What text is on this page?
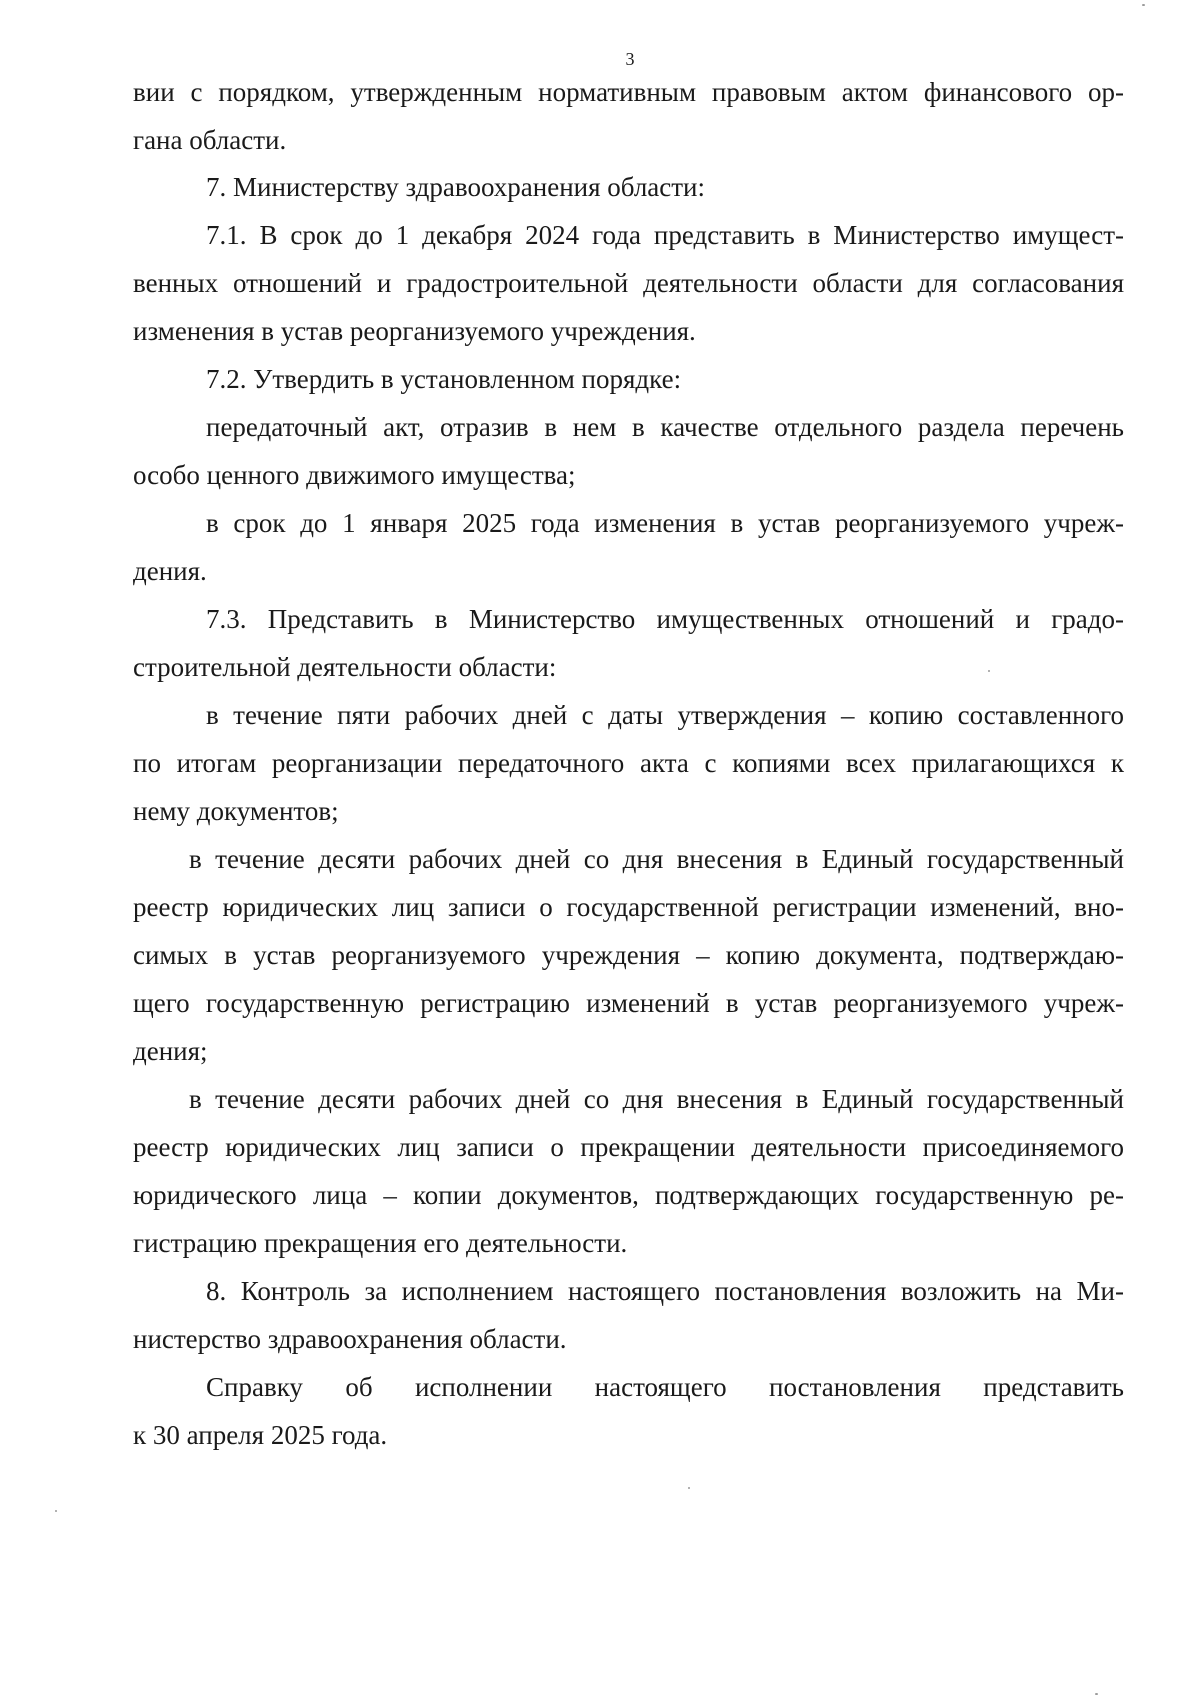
3
вии с порядком, утвержденным нормативным правовым актом финансового ор-
гана области.
7. Министерству здравоохранения области:
7.1. В срок до 1 декабря 2024 года представить в Министерство имущест-
венных отношений и градостроительной деятельности области для согласования
изменения в устав реорганизуемого учреждения.
7.2. Утвердить в установленном порядке:
передаточный акт, отразив в нем в качестве отдельного раздела перечень
особо ценного движимого имущества;
в срок до 1 января 2025 года изменения в устав реорганизуемого учреж-
дения.
7.3. Представить в Министерство имущественных отношений и градо-
строительной деятельности области:
в течение пяти рабочих дней с даты утверждения – копию составленного
по итогам реорганизации передаточного акта с копиями всех прилагающихся к
нему документов;
в течение десяти рабочих дней со дня внесения в Единый государственный
реестр юридических лиц записи о государственной регистрации изменений, вно-
симых в устав реорганизуемого учреждения – копию документа, подтверждаю-
щего государственную регистрацию изменений в устав реорганизуемого учреж-
дения;
в течение десяти рабочих дней со дня внесения в Единый государственный
реестр юридических лиц записи о прекращении деятельности присоединяемого
юридического лица – копии документов, подтверждающих государственную ре-
гистрацию прекращения его деятельности.
8. Контроль за исполнением настоящего постановления возложить на Ми-
нистерство здравоохранения области.
Справку об исполнении настоящего постановления представить
к 30 апреля 2025 года.
